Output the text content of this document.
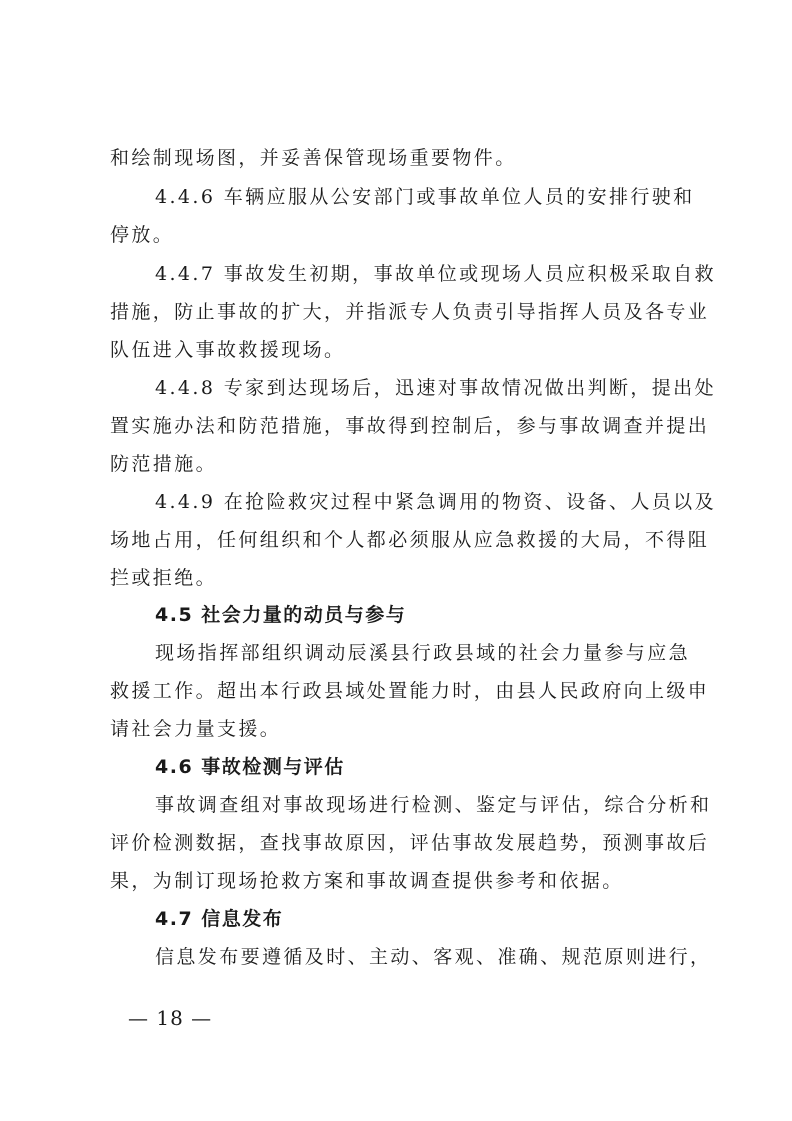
和绘制现场图，并妥善保管现场重要物件。
4.4.6 车辆应服从公安部门或事故单位人员的安排行驶和
停放。
4.4.7 事故发生初期，事故单位或现场人员应积极采取自救
措施，防止事故的扩大，并指派专人负责引导指挥人员及各专业
队伍进入事故救援现场。
4.4.8 专家到达现场后，迅速对事故情况做出判断，提出处
置实施办法和防范措施，事故得到控制后，参与事故调查并提出
防范措施。
4.4.9 在抢险救灾过程中紧急调用的物资、设备、人员以及
场地占用，任何组织和个人都必须服从应急救援的大局，不得阻
拦或拒绝。
4.5 社会力量的动员与参与
现场指挥部组织调动辰溪县行政县域的社会力量参与应急
救援工作。超出本行政县域处置能力时，由县人民政府向上级申
请社会力量支援。
4.6 事故检测与评估
事故调查组对事故现场进行检测、鉴定与评估，综合分析和
评价检测数据，查找事故原因，评估事故发展趋势，预测事故后
果，为制订现场抢救方案和事故调查提供参考和依据。
4.7 信息发布
信息发布要遵循及时、主动、客观、准确、规范原则进行，
— 18 —
